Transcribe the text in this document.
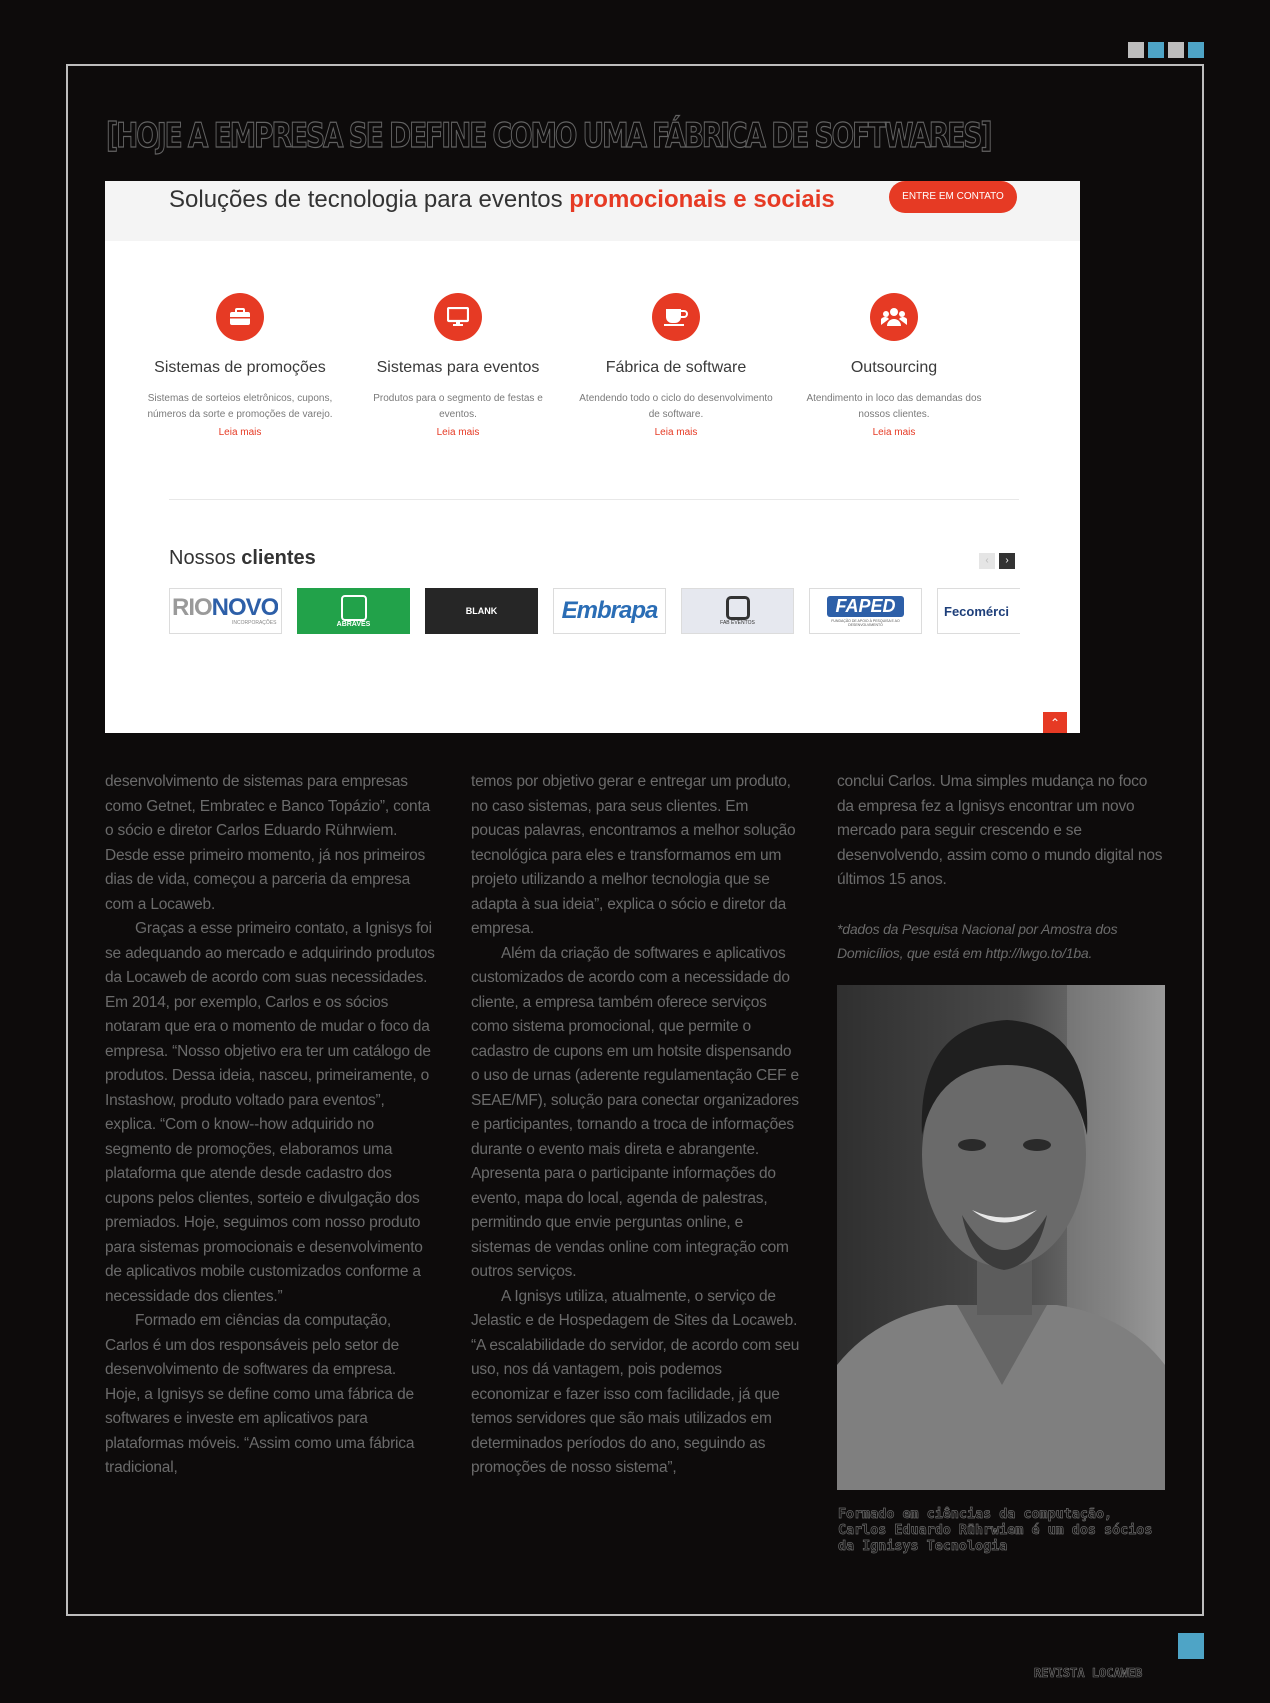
[HOJE A EMPRESA SE DEFINE COMO UMA FÁBRICA DE SOFTWARES]
Soluções de tecnologia para eventos promocionais e sociais	ENTRE EM CONTATO
Sistemas de promoções
Sistemas de sorteios eletrônicos, cupons, números da sorte e promoções de varejo.
Leia mais
Sistemas para eventos
Produtos para o segmento de festas e eventos.
Leia mais
Fábrica de software
Atendendo todo o ciclo do desenvolvimento de software.
Leia mais
Outsourcing
Atendimento in loco das demandas dos nossos clientes.
Leia mais
Nossos clientes	‹	›
RIONOVO
INCORPORAÇÕES	ABRAVES
BLANK	Embrapa	FAB EVENTOS
FAPED
FUNDAÇÃO DE APOIO À PESQUISA E AO DESENVOLVIMENTO
Fecomérci
⌃

desenvolvimento de sistemas para empresas como Getnet, Embratec e Banco Topázio”, conta o sócio e diretor Carlos Eduardo Rührwiem. Desde esse primeiro momento, já nos primeiros dias de vida, começou a parceria da empresa com a Locaweb.

Graças a esse primeiro contato, a Ignisys foi se adequando ao mercado e adquirindo produtos da Locaweb de acordo com suas necessidades. Em 2014, por exemplo, Carlos e os sócios notaram que era o momento de mudar o foco da empresa. “Nosso objetivo era ter um catálogo de produtos. Dessa ideia, nasceu, primeiramente, o Instashow, produto voltado para eventos”, explica. “Com o know--how adquirido no segmento de promoções, elaboramos uma plataforma que atende desde cadastro dos cupons pelos clientes, sorteio e divulgação dos premiados. Hoje, seguimos com nosso produto para sistemas promocionais e desenvolvimento de aplicativos mobile customizados conforme a necessidade dos clientes.”

Formado em ciências da computação, Carlos é um dos responsáveis pelo setor de desenvolvimento de softwares da empresa. Hoje, a Ignisys se define como uma fábrica de softwares e investe em aplicativos para plataformas móveis. “Assim como uma fábrica tradicional,

temos por objetivo gerar e entregar um produto, no caso sistemas, para seus clientes. Em poucas palavras, encontramos a melhor solução tecnológica para eles e transformamos em um projeto utilizando a melhor tecnologia que se adapta à sua ideia”, explica o sócio e diretor da empresa.

Além da criação de softwares e aplicativos customizados de acordo com a necessidade do cliente, a empresa também oferece serviços como sistema promocional, que permite o cadastro de cupons em um hotsite dispensando o uso de urnas (aderente regulamentação CEF e SEAE/MF), solução para conectar organizadores e participantes, tornando a troca de informações durante o evento mais direta e abrangente. Apresenta para o participante informações do evento, mapa do local, agenda de palestras, permitindo que envie perguntas online, e sistemas de vendas online com integração com outros serviços.

A Ignisys utiliza, atualmente, o serviço de Jelastic e de Hospedagem de Sites da Locaweb. “A escalabilidade do servidor, de acordo com seu uso, nos dá vantagem, pois podemos economizar e fazer isso com facilidade, já que temos servidores que são mais utilizados em determinados períodos do ano, seguindo as promoções de nosso sistema”,

conclui Carlos. Uma simples mudança no foco da empresa fez a Ignisys encontrar um novo mercado para seguir crescendo e se desenvolvendo, assim como o mundo digital nos últimos 15 anos.

*dados da Pesquisa Nacional por Amostra dos Domicílios, que está em http://lwgo.to/1ba.

Formado em ciências da computação, Carlos Eduardo Rührwiem é um dos sócios da Ignisys Tecnologia
REVISTA LOCAWEB
